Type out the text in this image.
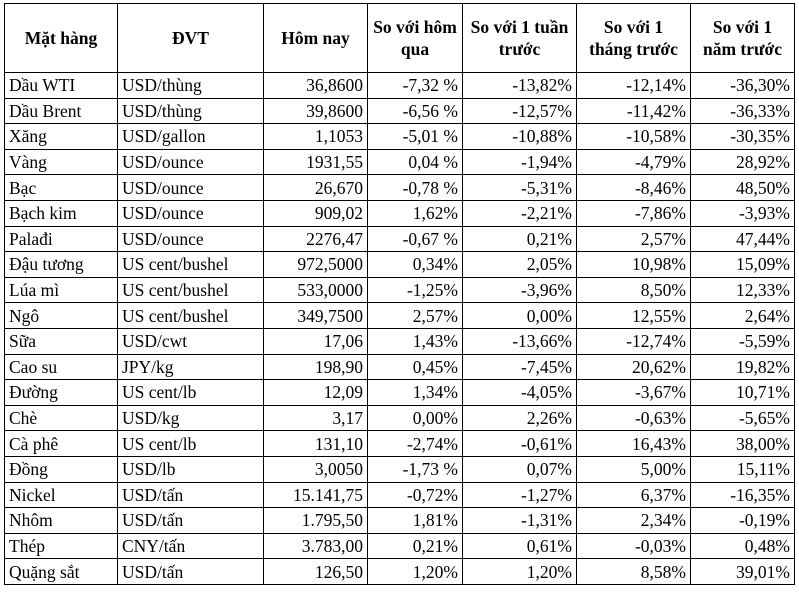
Mặt hàng	ĐVT	Hôm nay	So với hôm qua	So với 1 tuần trước	So với 1 tháng trước	So với 1 năm trước
Dầu WTI	USD/thùng	36,8600	-7,32 %	-13,82%	-12,14%	-36,30%
Dầu Brent	USD/thùng	39,8600	-6,56 %	-12,57%	-11,42%	-36,33%
Xăng	USD/gallon	1,1053	-5,01 %	-10,88%	-10,58%	-30,35%
Vàng	USD/ounce	1931,55	0,04 %	-1,94%	-4,79%	28,92%
Bạc	USD/ounce	26,670	-0,78 %	-5,31%	-8,46%	48,50%
Bạch kim	USD/ounce	909,02	1,62%	-2,21%	-7,86%	-3,93%
Palađi	USD/ounce	2276,47	-0,67 %	0,21%	2,57%	47,44%
Đậu tương	US cent/bushel	972,5000	0,34%	2,05%	10,98%	15,09%
Lúa mì	US cent/bushel	533,0000	-1,25%	-3,96%	8,50%	12,33%
Ngô	US cent/bushel	349,7500	2,57%	0,00%	12,55%	2,64%
Sữa	USD/cwt	17,06	1,43%	-13,66%	-12,74%	-5,59%
Cao su	JPY/kg	198,90	0,45%	-7,45%	20,62%	19,82%
Đường	US cent/lb	12,09	1,34%	-4,05%	-3,67%	10,71%
Chè	USD/kg	3,17	0,00%	2,26%	-0,63%	-5,65%
Cà phê	US cent/lb	131,10	-2,74%	-0,61%	16,43%	38,00%
Đồng	USD/lb	3,0050	-1,73 %	0,07%	5,00%	15,11%
Nickel	USD/tấn	15.141,75	-0,72%	-1,27%	6,37%	-16,35%
Nhôm	USD/tấn	1.795,50	1,81%	-1,31%	2,34%	-0,19%
Thép	CNY/tấn	3.783,00	0,21%	0,61%	-0,03%	0,48%
Quặng sắt	USD/tấn	126,50	1,20%	1,20%	8,58%	39,01%
